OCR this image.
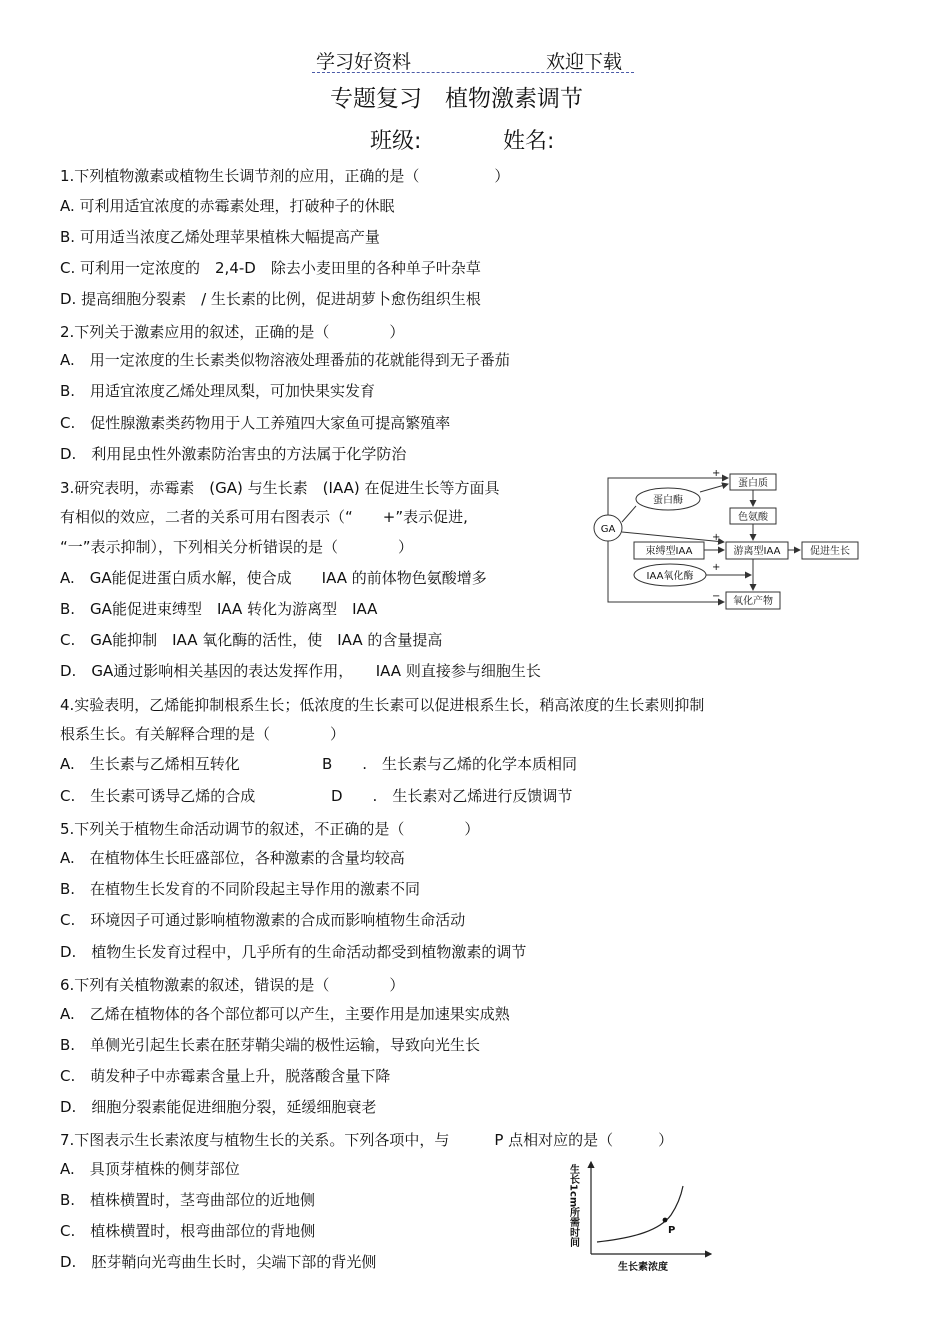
学习好资料	欢迎下载
专题复习　植物激素调节
班级:	姓名:
1.下列植物激素或植物生长调节剂的应用，正确的是（　　　　　）
A. 可利用适宜浓度的赤霉素处理，打破种子的休眠
B. 可用适当浓度乙烯处理苹果植株大幅提高产量
C. 可利用一定浓度的　2,4-D　除去小麦田里的各种单子叶杂草
D. 提高细胞分裂素　/ 生长素的比例，促进胡萝卜愈伤组织生根
2.下列关于激素应用的叙述，正确的是（　　　　）
A.　用一定浓度的生长素类似物溶液处理番茄的花就能得到无子番茄
B.　用适宜浓度乙烯处理凤梨，可加快果实发育
C.　促性腺激素类药物用于人工养殖四大家鱼可提高繁殖率
D.　利用昆虫性外激素防治害虫的方法属于化学防治
3.研究表明，赤霉素　(GA) 与生长素　(IAA) 在促进生长等方面具
有相似的效应，二者的关系可用右图表示（“　　+”表示促进,
“一”表示抑制），下列相关分析错误的是（　　　　）
A.　GA能促进蛋白质水解，使合成　　IAA 的前体物色氨酸增多
B.　GA能促进束缚型　IAA 转化为游离型　IAA
C.　GA能抑制　IAA 氧化酶的活性，使　IAA 的含量提高
D.　GA通过影响相关基因的表达发挥作用，　　IAA 则直接参与细胞生长
GA
蛋白酶
束缚型IAA
IAA氧化酶
蛋白质
色氨酸
游离型IAA
氧化产物
促进生长
+
+
+
−
4.实验表明，乙烯能抑制根系生长；低浓度的生长素可以促进根系生长，稍高浓度的生长素则抑制
根系生长。有关解释合理的是（　　　　）
A.　生长素与乙烯相互转化	B　　.　生长素与乙烯的化学本质相同
C.　生长素可诱导乙烯的合成	D　　.　生长素对乙烯进行反馈调节
5.下列关于植物生命活动调节的叙述，不正确的是（　　　　）
A.　在植物体生长旺盛部位，各种激素的含量均较高
B.　在植物生长发育的不同阶段起主导作用的激素不同
C.　环境因子可通过影响植物激素的合成而影响植物生命活动
D.　植物生长发育过程中，几乎所有的生命活动都受到植物激素的调节
6.下列有关植物激素的叙述，错误的是（　　　　）
A.　乙烯在植物体的各个部位都可以产生，主要作用是加速果实成熟
B.　单侧光引起生长素在胚芽鞘尖端的极性运输，导致向光生长
C.　萌发种子中赤霉素含量上升，脱落酸含量下降
D.　细胞分裂素能促进细胞分裂，延缓细胞衰老
7.下图表示生长素浓度与植物生长的关系。下列各项中，与　　　P 点相对应的是（　　　）
A.　具顶芽植株的侧芽部位
B.　植株横置时，茎弯曲部位的近地侧
C.　植株横置时，根弯曲部位的背地侧
D.　胚芽鞘向光弯曲生长时，尖端下部的背光侧
P
生长素浓度
生长1cm所需时间
